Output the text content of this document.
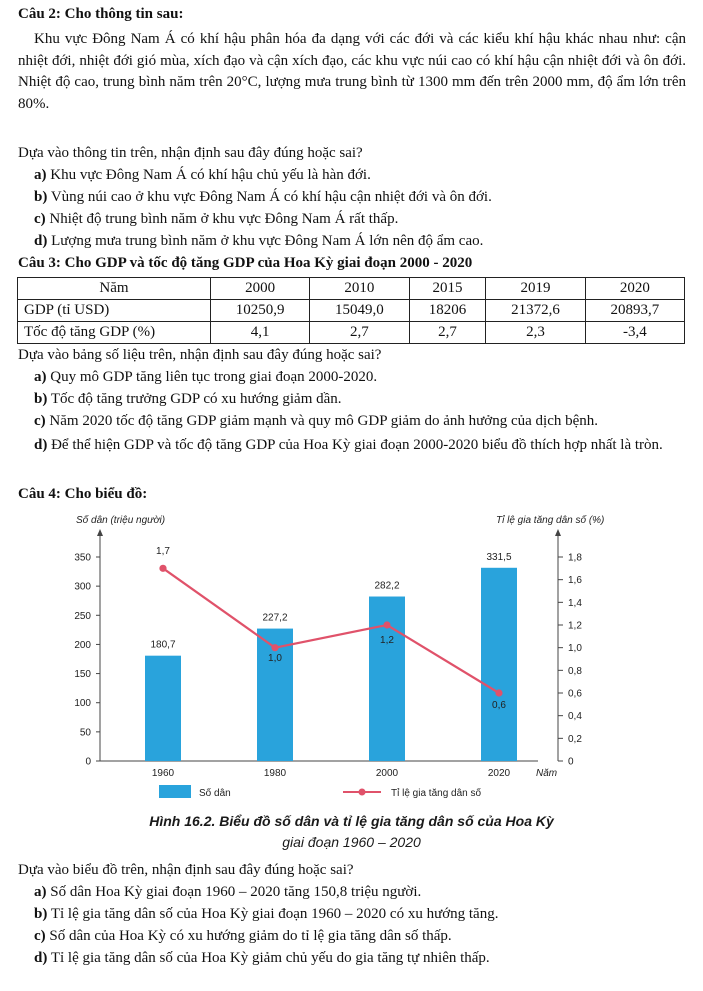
Câu 2: Cho thông tin sau:
Khu vực Đông Nam Á có khí hậu phân hóa đa dạng với các đới và các kiểu khí hậu khác nhau như: cận nhiệt đới, nhiệt đới gió mùa, xích đạo và cận xích đạo, các khu vực núi cao có khí hậu cận nhiệt đới và ôn đới. Nhiệt độ cao, trung bình năm trên 20°C, lượng mưa trung bình từ 1300 mm đến trên 2000 mm, độ ẩm lớn trên 80%.
Dựa vào thông tin trên, nhận định sau đây đúng hoặc sai?
a) Khu vực Đông Nam Á có khí hậu chủ yếu là hàn đới.
b) Vùng núi cao ở khu vực Đông Nam Á có khí hậu cận nhiệt đới và ôn đới.
c) Nhiệt độ trung bình năm ở khu vực Đông Nam Á rất thấp.
d) Lượng mưa trung bình năm ở khu vực Đông Nam Á lớn nên độ ẩm cao.
Câu 3: Cho GDP và tốc độ tăng GDP của Hoa Kỳ giai đoạn 2000 - 2020
Năm	2000	2010	2015	2019	2020
GDP (tỉ USD)	10250,9	15049,0	18206	21372,6	20893,7
Tốc độ tăng GDP (%)	4,1	2,7	2,7	2,3	-3,4
Dựa vào bảng số liệu trên, nhận định sau đây đúng hoặc sai?
a) Quy mô GDP tăng liên tục trong giai đoạn 2000-2020.
b) Tốc độ tăng trưởng GDP có xu hướng giảm dần.
c) Năm 2020 tốc độ tăng GDP giảm mạnh và quy mô GDP giảm do ảnh hưởng của dịch bệnh.
d) Để thể hiện GDP và tốc độ tăng GDP của Hoa Kỳ giai đoạn 2000-2020 biểu đồ thích hợp nhất là tròn.
Câu 4: Cho biểu đồ:
Số dân (triệu người)	Tỉ lệ gia tăng dân số (%)
Năm
0
50
100
150
200
250
300
350
0
0,2
0,4
0,6
0,8
1,0
1,2
1,4
1,6
1,8
180,7
227,2
282,2
331,5
1960	1980	2000	2020
1,7
1,0
1,2
0,6
Số dân	Tỉ lệ gia tăng dân số
Hình 16.2. Biểu đồ số dân và tỉ lệ gia tăng dân số của Hoa Kỳ
giai đoạn 1960 – 2020
Dựa vào biểu đồ trên, nhận định sau đây đúng hoặc sai?
a) Số dân Hoa Kỳ giai đoạn 1960 – 2020 tăng 150,8 triệu người.
b) Tỉ lệ gia tăng dân số của Hoa Kỳ giai đoạn 1960 – 2020 có xu hướng tăng.
c) Số dân của Hoa Kỳ có xu hướng giảm do tỉ lệ gia tăng dân số thấp.
d) Tỉ lệ gia tăng dân số của Hoa Kỳ giảm chủ yếu do gia tăng tự nhiên thấp.
